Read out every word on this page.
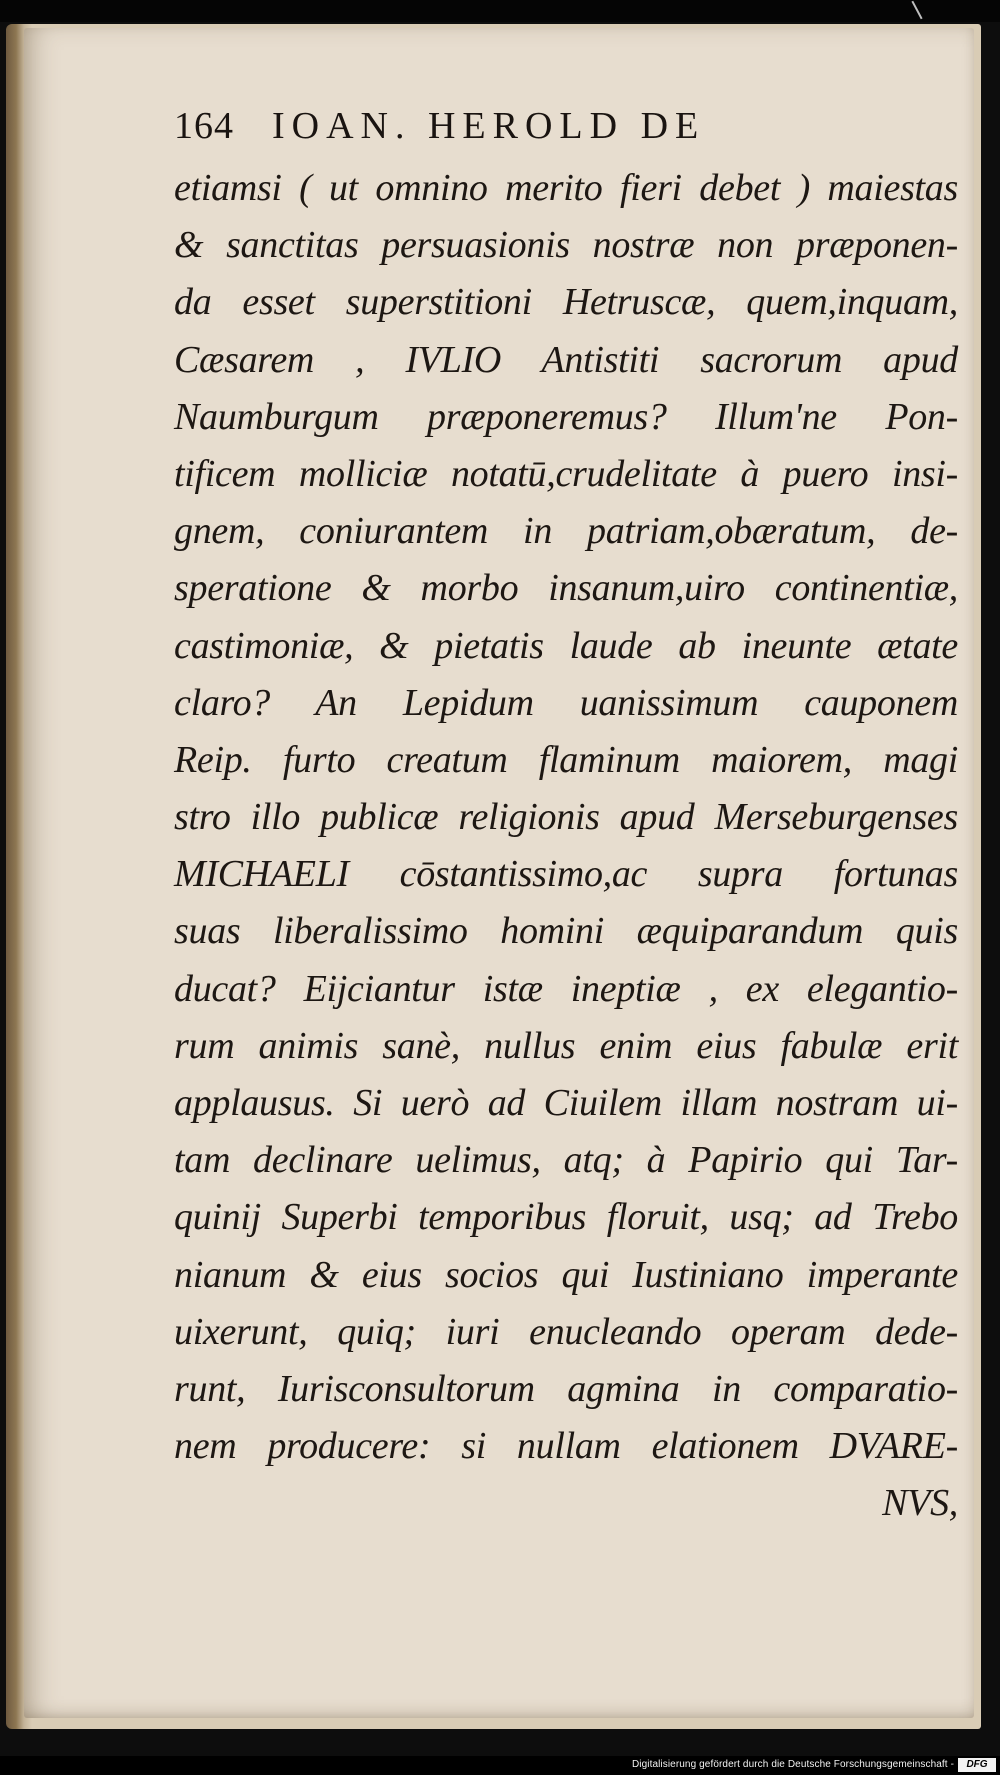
164	IOAN. HEROLD DE
etiamsi ( ut omnino merito fieri debet ) maiestas
& sanctitas persuasionis nostræ non præponen-
da esset superstitioni Hetruscæ, quem,inquam,
Cæsarem , IVLIO Antistiti sacrorum apud
Naumburgum præponeremus? Illum'ne Pon-
tificem molliciæ notatū,crudelitate à puero insi-
gnem, coniurantem in patriam,obæratum, de-
speratione & morbo insanum,uiro continentiæ,
castimoniæ, & pietatis laude ab ineunte ætate
claro? An Lepidum uanissimum cauponem
Reip. furto creatum flaminum maiorem, magi
stro illo publicæ religionis apud Merseburgenses
MICHAELI cōstantissimo,ac supra fortunas
suas liberalissimo homini æquiparandum quis
ducat? Eijciantur istæ ineptiæ , ex elegantio-
rum animis sanè, nullus enim eius fabulæ erit
applausus. Si uerò ad Ciuilem illam nostram ui-
tam declinare uelimus, atq; à Papirio qui Tar-
quinij Superbi temporibus floruit, usq; ad Trebo
nianum & eius socios qui Iustiniano imperante
uixerunt, quiq; iuri enucleando operam dede-
runt, Iurisconsultorum agmina in comparatio-
nem producere: si nullam elationem DVARE-
NVS,
Digitalisierung gefördert durch die Deutsche Forschungsgemeinschaft -	DFG
